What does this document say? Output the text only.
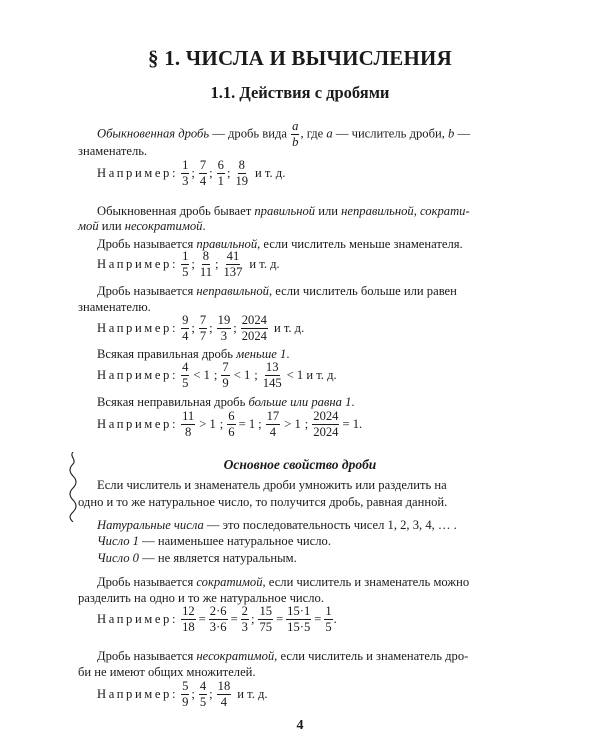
§ 1. ЧИСЛА И ВЫЧИСЛЕНИЯ
1.1. Действия с дробями
Обыкновенная дробь — дробь вида $\frac{a}{b}$ , где a — числитель дроби, b —
знаменатель.
Например:
1
3
;
7
4
;
6
1
;
8
19
и т. д.
Обыкновенная дробь бывает правильной или неправильной, сократи-
мой или несократимой.
Дробь называется правильной, если числитель меньше знаменателя.
Например:
1
5
;
8
11
;
41
137
и т. д.
Дробь называется неправильной, если числитель больше или равен
знаменателю.
Например:
9
4
;
7
7
;
19
3
;
2024
2024
и т. д.
Всякая правильная дробь меньше 1.
Например:
4
5
< 1 ;
7
9
< 1 ;
13
145
< 1 и т. д.
Всякая неправильная дробь больше или равна 1.
Например:
11
8
> 1 ; $\frac{6}{6} = 1$ ;
17
4
> 1 ; $\frac{2024}{2024} = 1$.
Основное свойство дроби
Если числитель и знаменатель дроби умножить или разделить на
одно и то же натуральное число, то получится дробь, равная данной.
Натуральные числа — это последовательность чисел 1, 2, 3, 4, … .
Число 1 — наименьшее натуральное число.
Число 0 — не является натуральным.
Дробь называется сократимой, если числитель и знаменатель можно
разделить на одно и то же натуральное число.
Например: $\frac{12}{18} = \frac{2\cdot 6}{3\cdot 6} = \frac{2}{3}$ ; $\frac{15}{75} = \frac{15\cdot 1}{15\cdot 5} = \frac{1}{5}$ .
Дробь называется несократимой, если числитель и знаменатель дро-
би не имеют общих множителей.
Например:
5
9
;
4
5
;
18
4
и т. д.
4
